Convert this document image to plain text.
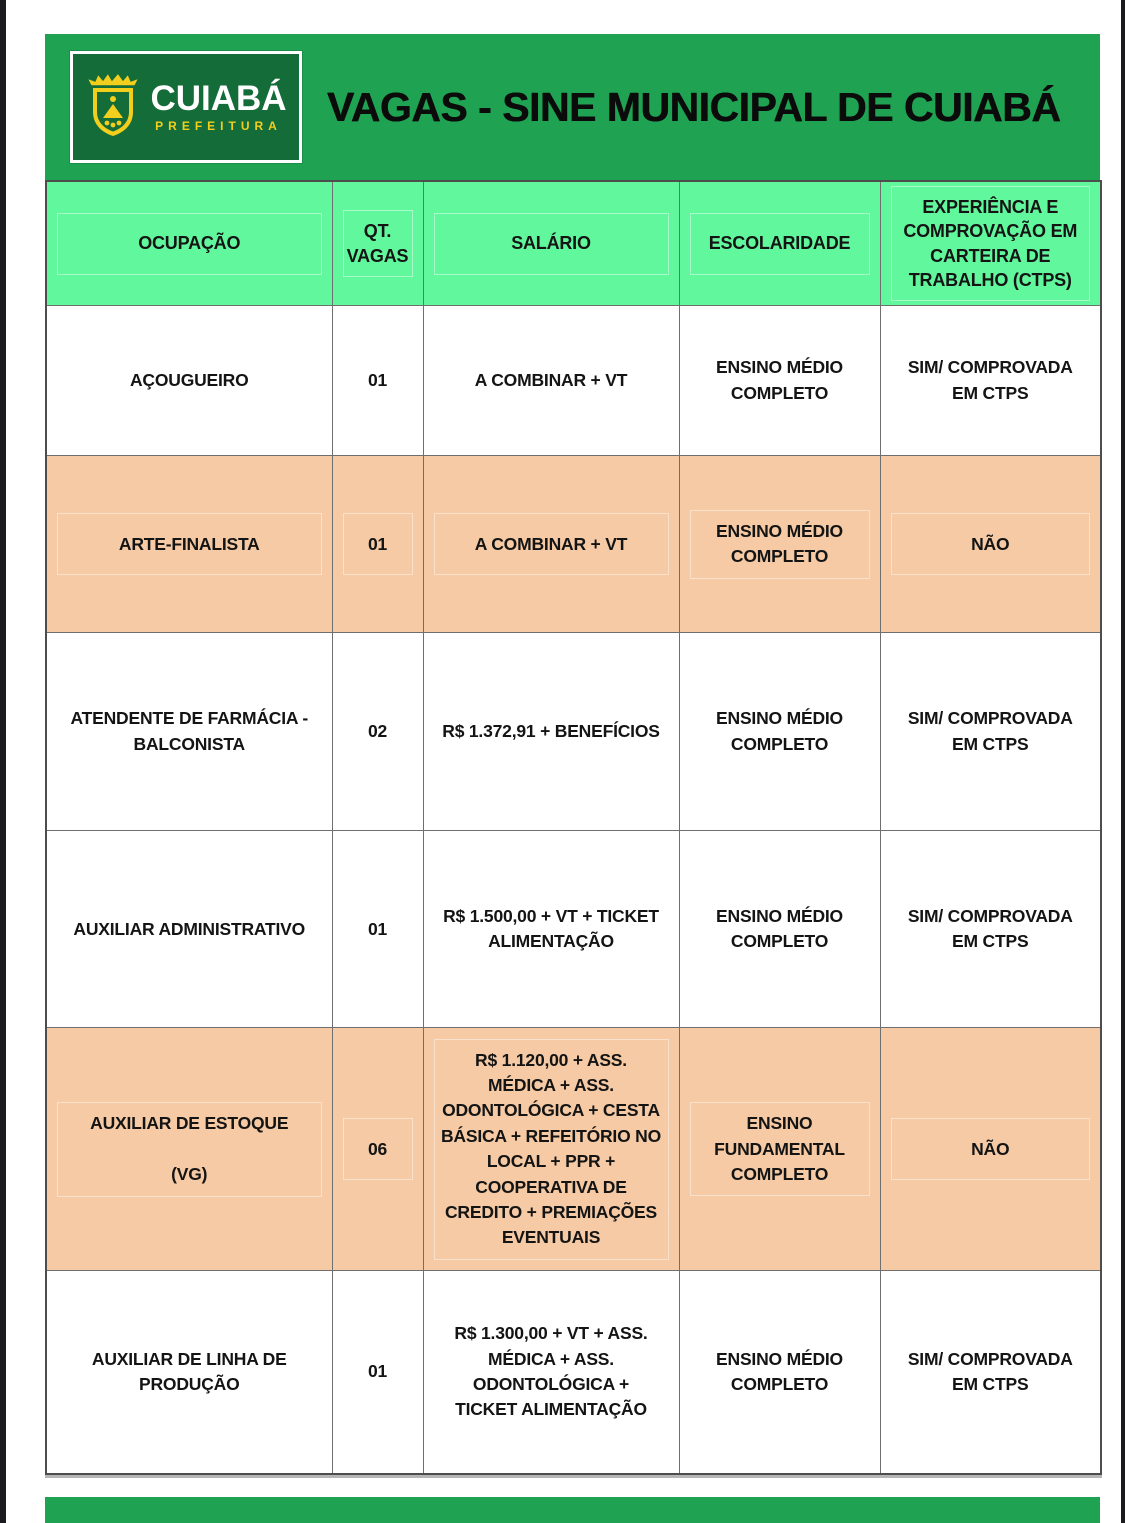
CUIABÁ
PREFEITURA	VAGAS - SINE MUNICIPAL DE CUIABÁ
OCUPAÇÃO	QT. VAGAS	SALÁRIO	ESCOLARIDADE	EXPERIÊNCIA E COMPROVAÇÃO EM CARTEIRA DE TRABALHO (CTPS)

AÇOUGUEIRO	01	A COMBINAR + VT	ENSINO MÉDIO COMPLETO	SIM/ COMPROVADA EM CTPS

ARTE-FINALISTA	01	A COMBINAR + VT	ENSINO MÉDIO COMPLETO	NÃO

ATENDENTE DE FARMÁCIA - BALCONISTA	02	R$ 1.372,91 + BENEFÍCIOS	ENSINO MÉDIO COMPLETO	SIM/ COMPROVADA EM CTPS

AUXILIAR ADMINISTRATIVO	01	R$ 1.500,00 + VT + TICKET ALIMENTAÇÃO	ENSINO MÉDIO COMPLETO	SIM/ COMPROVADA EM CTPS

AUXILIAR DE ESTOQUE
(VG)	06	R$ 1.120,00 + ASS. MÉDICA + ASS. ODONTOLÓGICA + CESTA BÁSICA + REFEITÓRIO NO LOCAL + PPR + COOPERATIVA DE CREDITO + PREMIAÇÕES EVENTUAIS	ENSINO FUNDAMENTAL COMPLETO	NÃO

AUXILIAR DE LINHA DE PRODUÇÃO	01	R$ 1.300,00 + VT + ASS. MÉDICA + ASS. ODONTOLÓGICA + TICKET ALIMENTAÇÃO	ENSINO MÉDIO COMPLETO	SIM/ COMPROVADA EM CTPS
